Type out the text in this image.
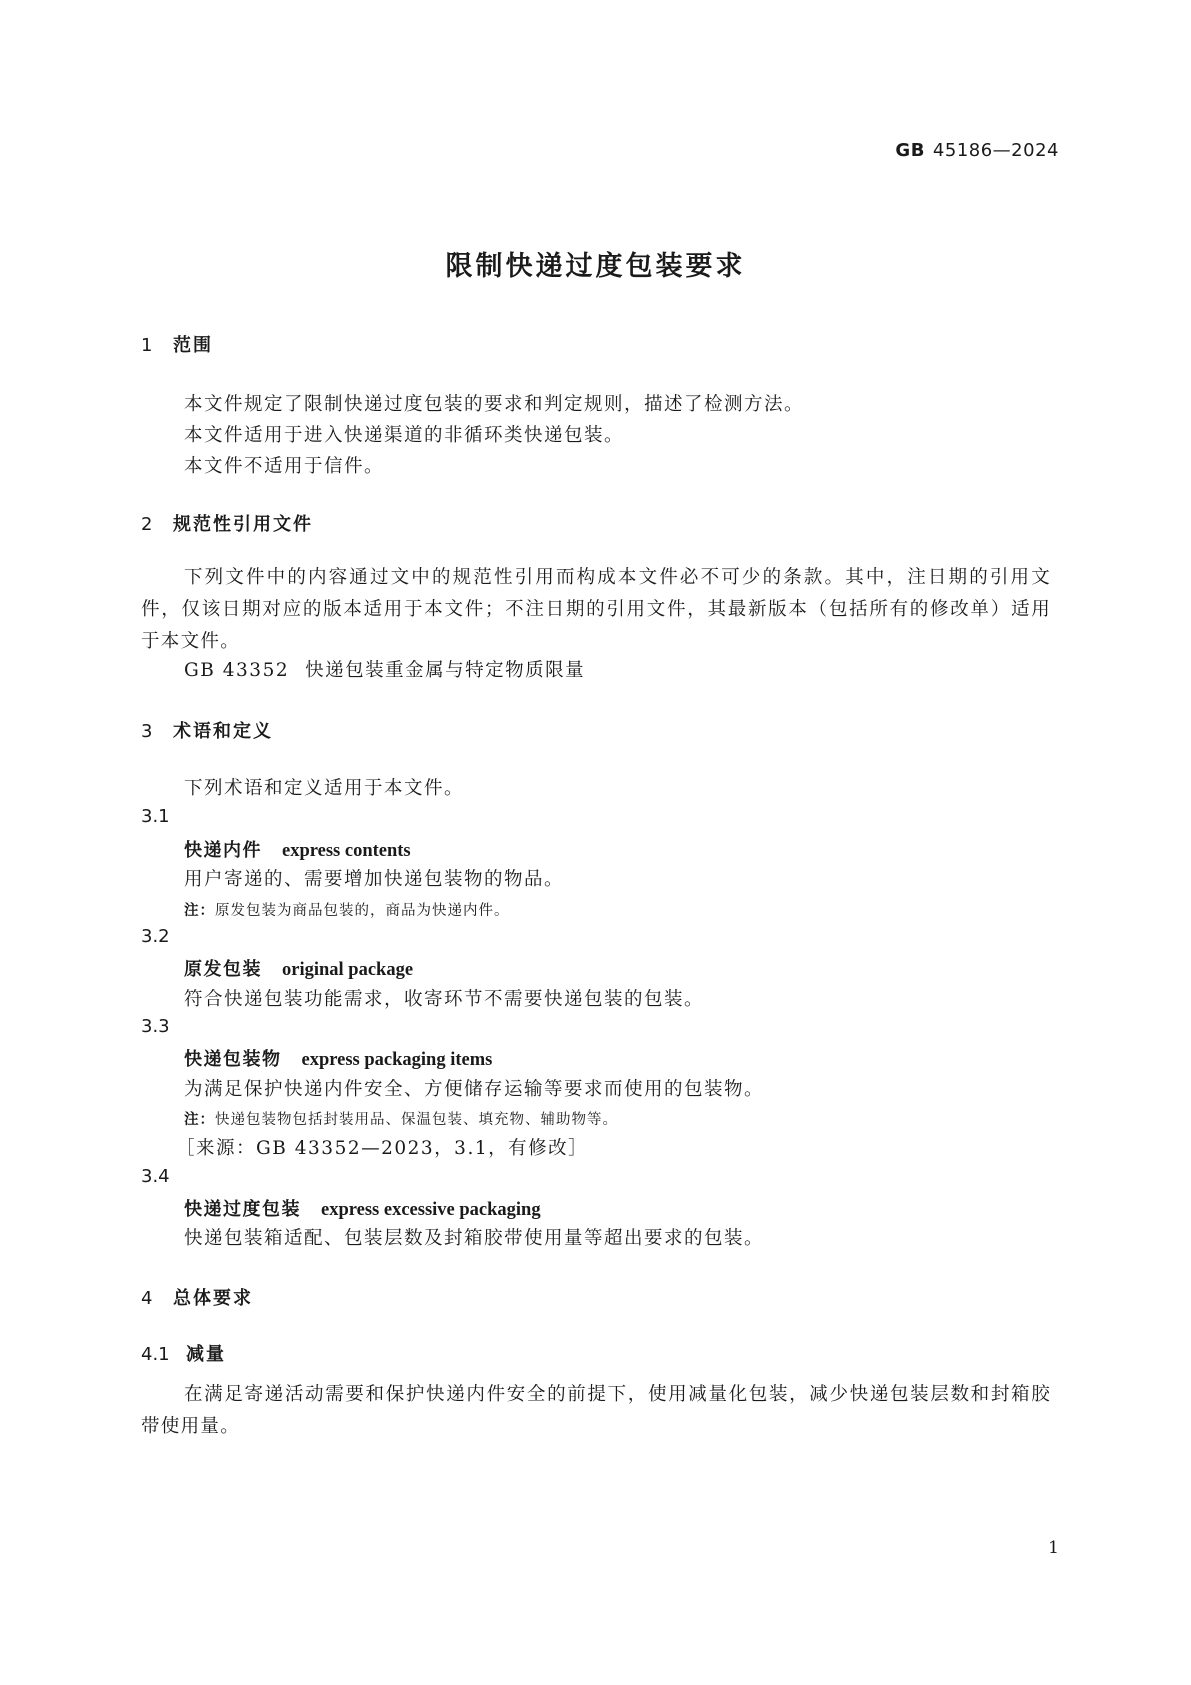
GB 45186—2024
限制快递过度包装要求
1 范围
本文件规定了限制快递过度包装的要求和判定规则，描述了检测方法。
本文件适用于进入快递渠道的非循环类快递包装。
本文件不适用于信件。
2 规范性引用文件
下列文件中的内容通过文中的规范性引用而构成本文件必不可少的条款。其中，注日期的引用文件，仅该日期对应的版本适用于本文件；不注日期的引用文件，其最新版本（包括所有的修改单）适用于本文件。
GB 43352 快递包装重金属与特定物质限量
3 术语和定义
下列术语和定义适用于本文件。
3.1
快递内件 express contents
用户寄递的、需要增加快递包装物的物品。
注：原发包装为商品包装的，商品为快递内件。
3.2
原发包装 original package
符合快递包装功能需求，收寄环节不需要快递包装的包装。
3.3
快递包装物 express packaging items
为满足保护快递内件安全、方便储存运输等要求而使用的包装物。
注：快递包装物包括封装用品、保温包装、填充物、辅助物等。
［来源：GB 43352—2023，3.1，有修改］
3.4
快递过度包装 express excessive packaging
快递包装箱适配、包装层数及封箱胶带使用量等超出要求的包装。
4 总体要求
4.1 减量
在满足寄递活动需要和保护快递内件安全的前提下，使用减量化包装，减少快递包装层数和封箱胶带使用量。
1
